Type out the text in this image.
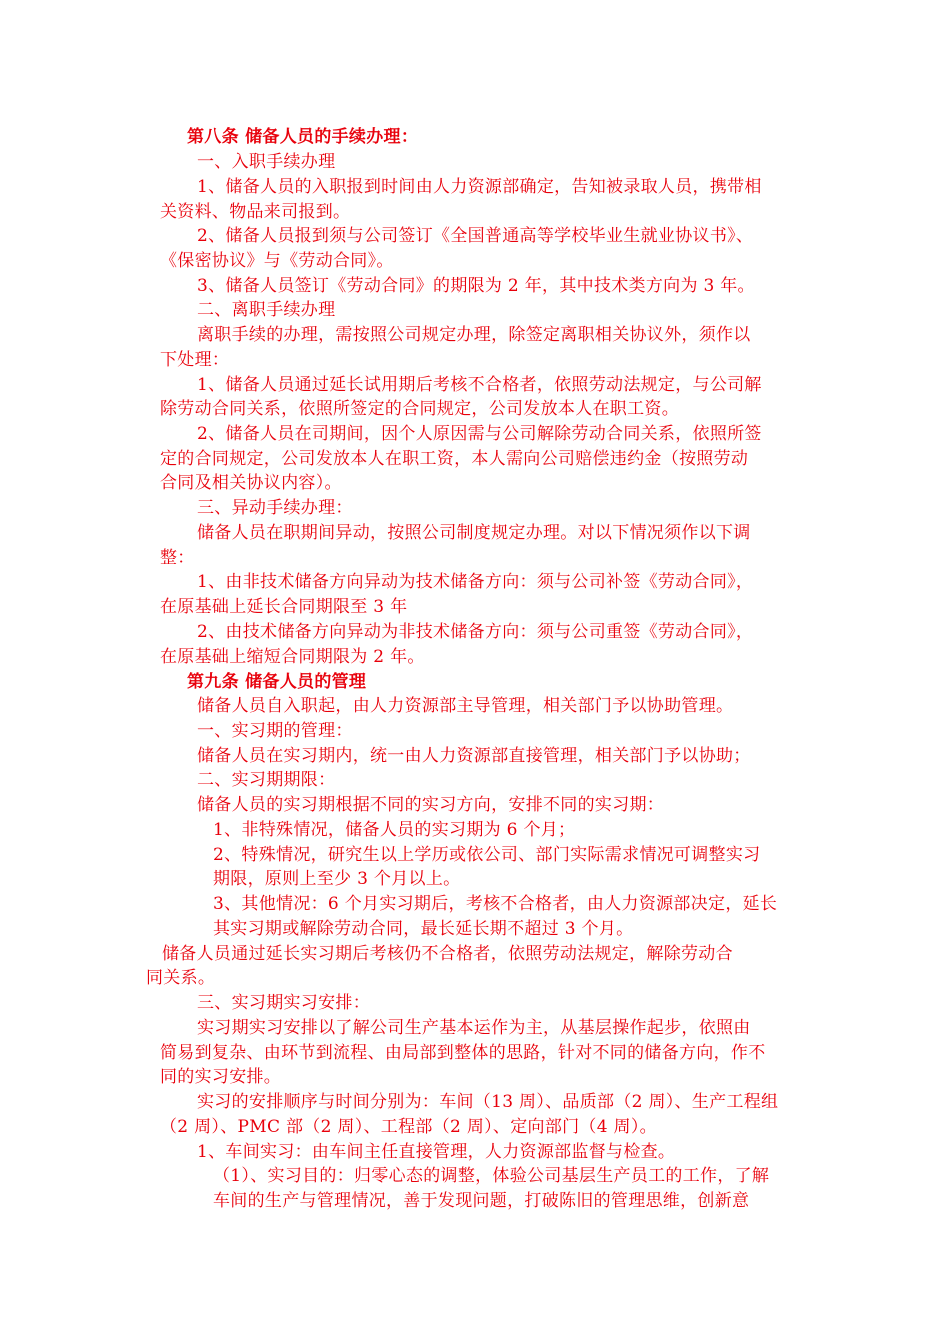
第八条 储备人员的手续办理：
一、入职手续办理
1、储备人员的入职报到时间由人力资源部确定，告知被录取人员，携带相
关资料、物品来司报到。
2、储备人员报到须与公司签订《全国普通高等学校毕业生就业协议书》、
《保密协议》与《劳动合同》。
3、储备人员签订《劳动合同》的期限为 2 年，其中技术类方向为 3 年。
二、离职手续办理
离职手续的办理，需按照公司规定办理，除签定离职相关协议外，须作以
下处理：
1、储备人员通过延长试用期后考核不合格者，依照劳动法规定，与公司解
除劳动合同关系，依照所签定的合同规定，公司发放本人在职工资。
2、储备人员在司期间，因个人原因需与公司解除劳动合同关系，依照所签
定的合同规定，公司发放本人在职工资，本人需向公司赔偿违约金（按照劳动
合同及相关协议内容）。
三、异动手续办理：
储备人员在职期间异动，按照公司制度规定办理。对以下情况须作以下调
整：
1、由非技术储备方向异动为技术储备方向：须与公司补签《劳动合同》，
在原基础上延长合同期限至 3 年
2、由技术储备方向异动为非技术储备方向：须与公司重签《劳动合同》，
在原基础上缩短合同期限为 2 年。
第九条 储备人员的管理
储备人员自入职起，由人力资源部主导管理，相关部门予以协助管理。
一、实习期的管理：
储备人员在实习期内，统一由人力资源部直接管理，相关部门予以协助；
二、实习期期限：
储备人员的实习期根据不同的实习方向，安排不同的实习期：
1、非特殊情况，储备人员的实习期为 6 个月；
2、特殊情况，研究生以上学历或依公司、部门实际需求情况可调整实习
期限，原则上至少 3 个月以上。
3、其他情况：6 个月实习期后，考核不合格者，由人力资源部决定，延长
其实习期或解除劳动合同，最长延长期不超过 3 个月。
储备人员通过延长实习期后考核仍不合格者，依照劳动法规定，解除劳动合
同关系。
三、实习期实习安排：
实习期实习安排以了解公司生产基本运作为主，从基层操作起步，依照由
简易到复杂、由环节到流程、由局部到整体的思路，针对不同的储备方向，作不
同的实习安排。
实习的安排顺序与时间分别为：车间（13 周）、品质部（2 周）、生产工程组
（2 周）、PMC 部（2 周）、工程部（2 周）、定向部门（4 周）。
1、车间实习：由车间主任直接管理，人力资源部监督与检查。
（1）、实习目的：归零心态的调整，体验公司基层生产员工的工作，了解
车间的生产与管理情况，善于发现问题，打破陈旧的管理思维，创新意
